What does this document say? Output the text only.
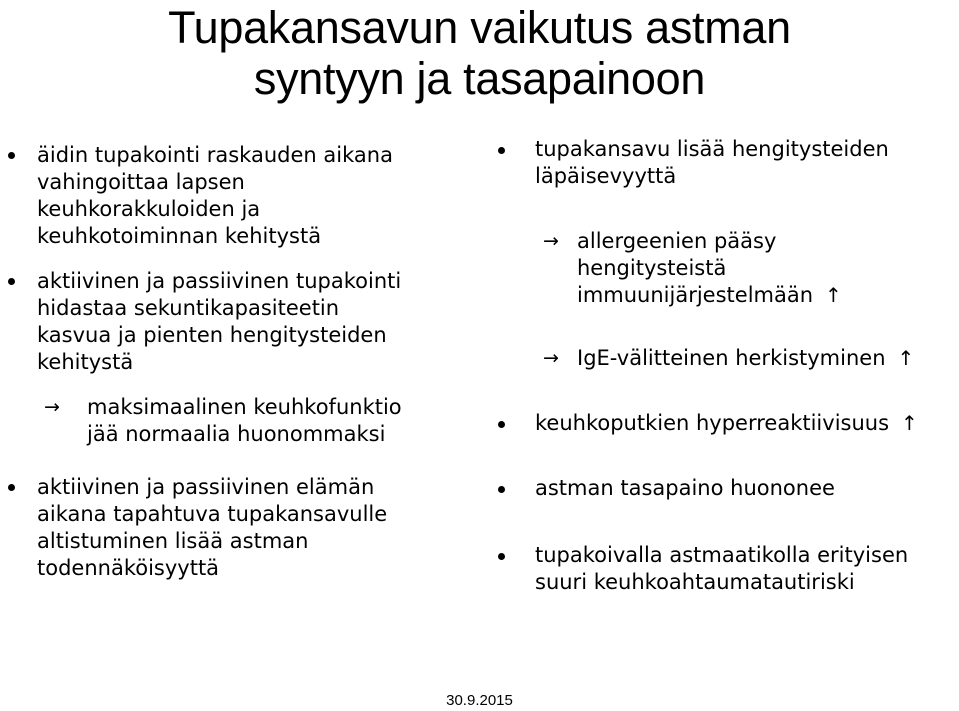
Tupakansavun vaikutus astman
syntyyn ja tasapainoon
äidin tupakointi raskauden aikana
vahingoittaa lapsen
keuhkorakkuloiden ja
keuhkotoiminnan kehitystä
aktiivinen ja passiivinen tupakointi
hidastaa sekuntikapasiteetin
kasvua ja pienten hengitysteiden
kehitystä
→ maksimaalinen keuhkofunktio
jää normaalia huonommaksi
aktiivinen ja passiivinen elämän
aikana tapahtuva tupakansavulle
altistuminen lisää astman
todennäköisyyttä
tupakansavu lisää hengitysteiden
läpäisevyyttä
→ allergeenien pääsy
hengitysteistä
immuunijärjestelmään ↑
→ IgE-välitteinen herkistyminen ↑
keuhkoputkien hyperreaktiivisuus ↑
astman tasapaino huononee
tupakoivalla astmaatikolla erityisen
suuri keuhkoahtaumatautiriski
30.9.2015
